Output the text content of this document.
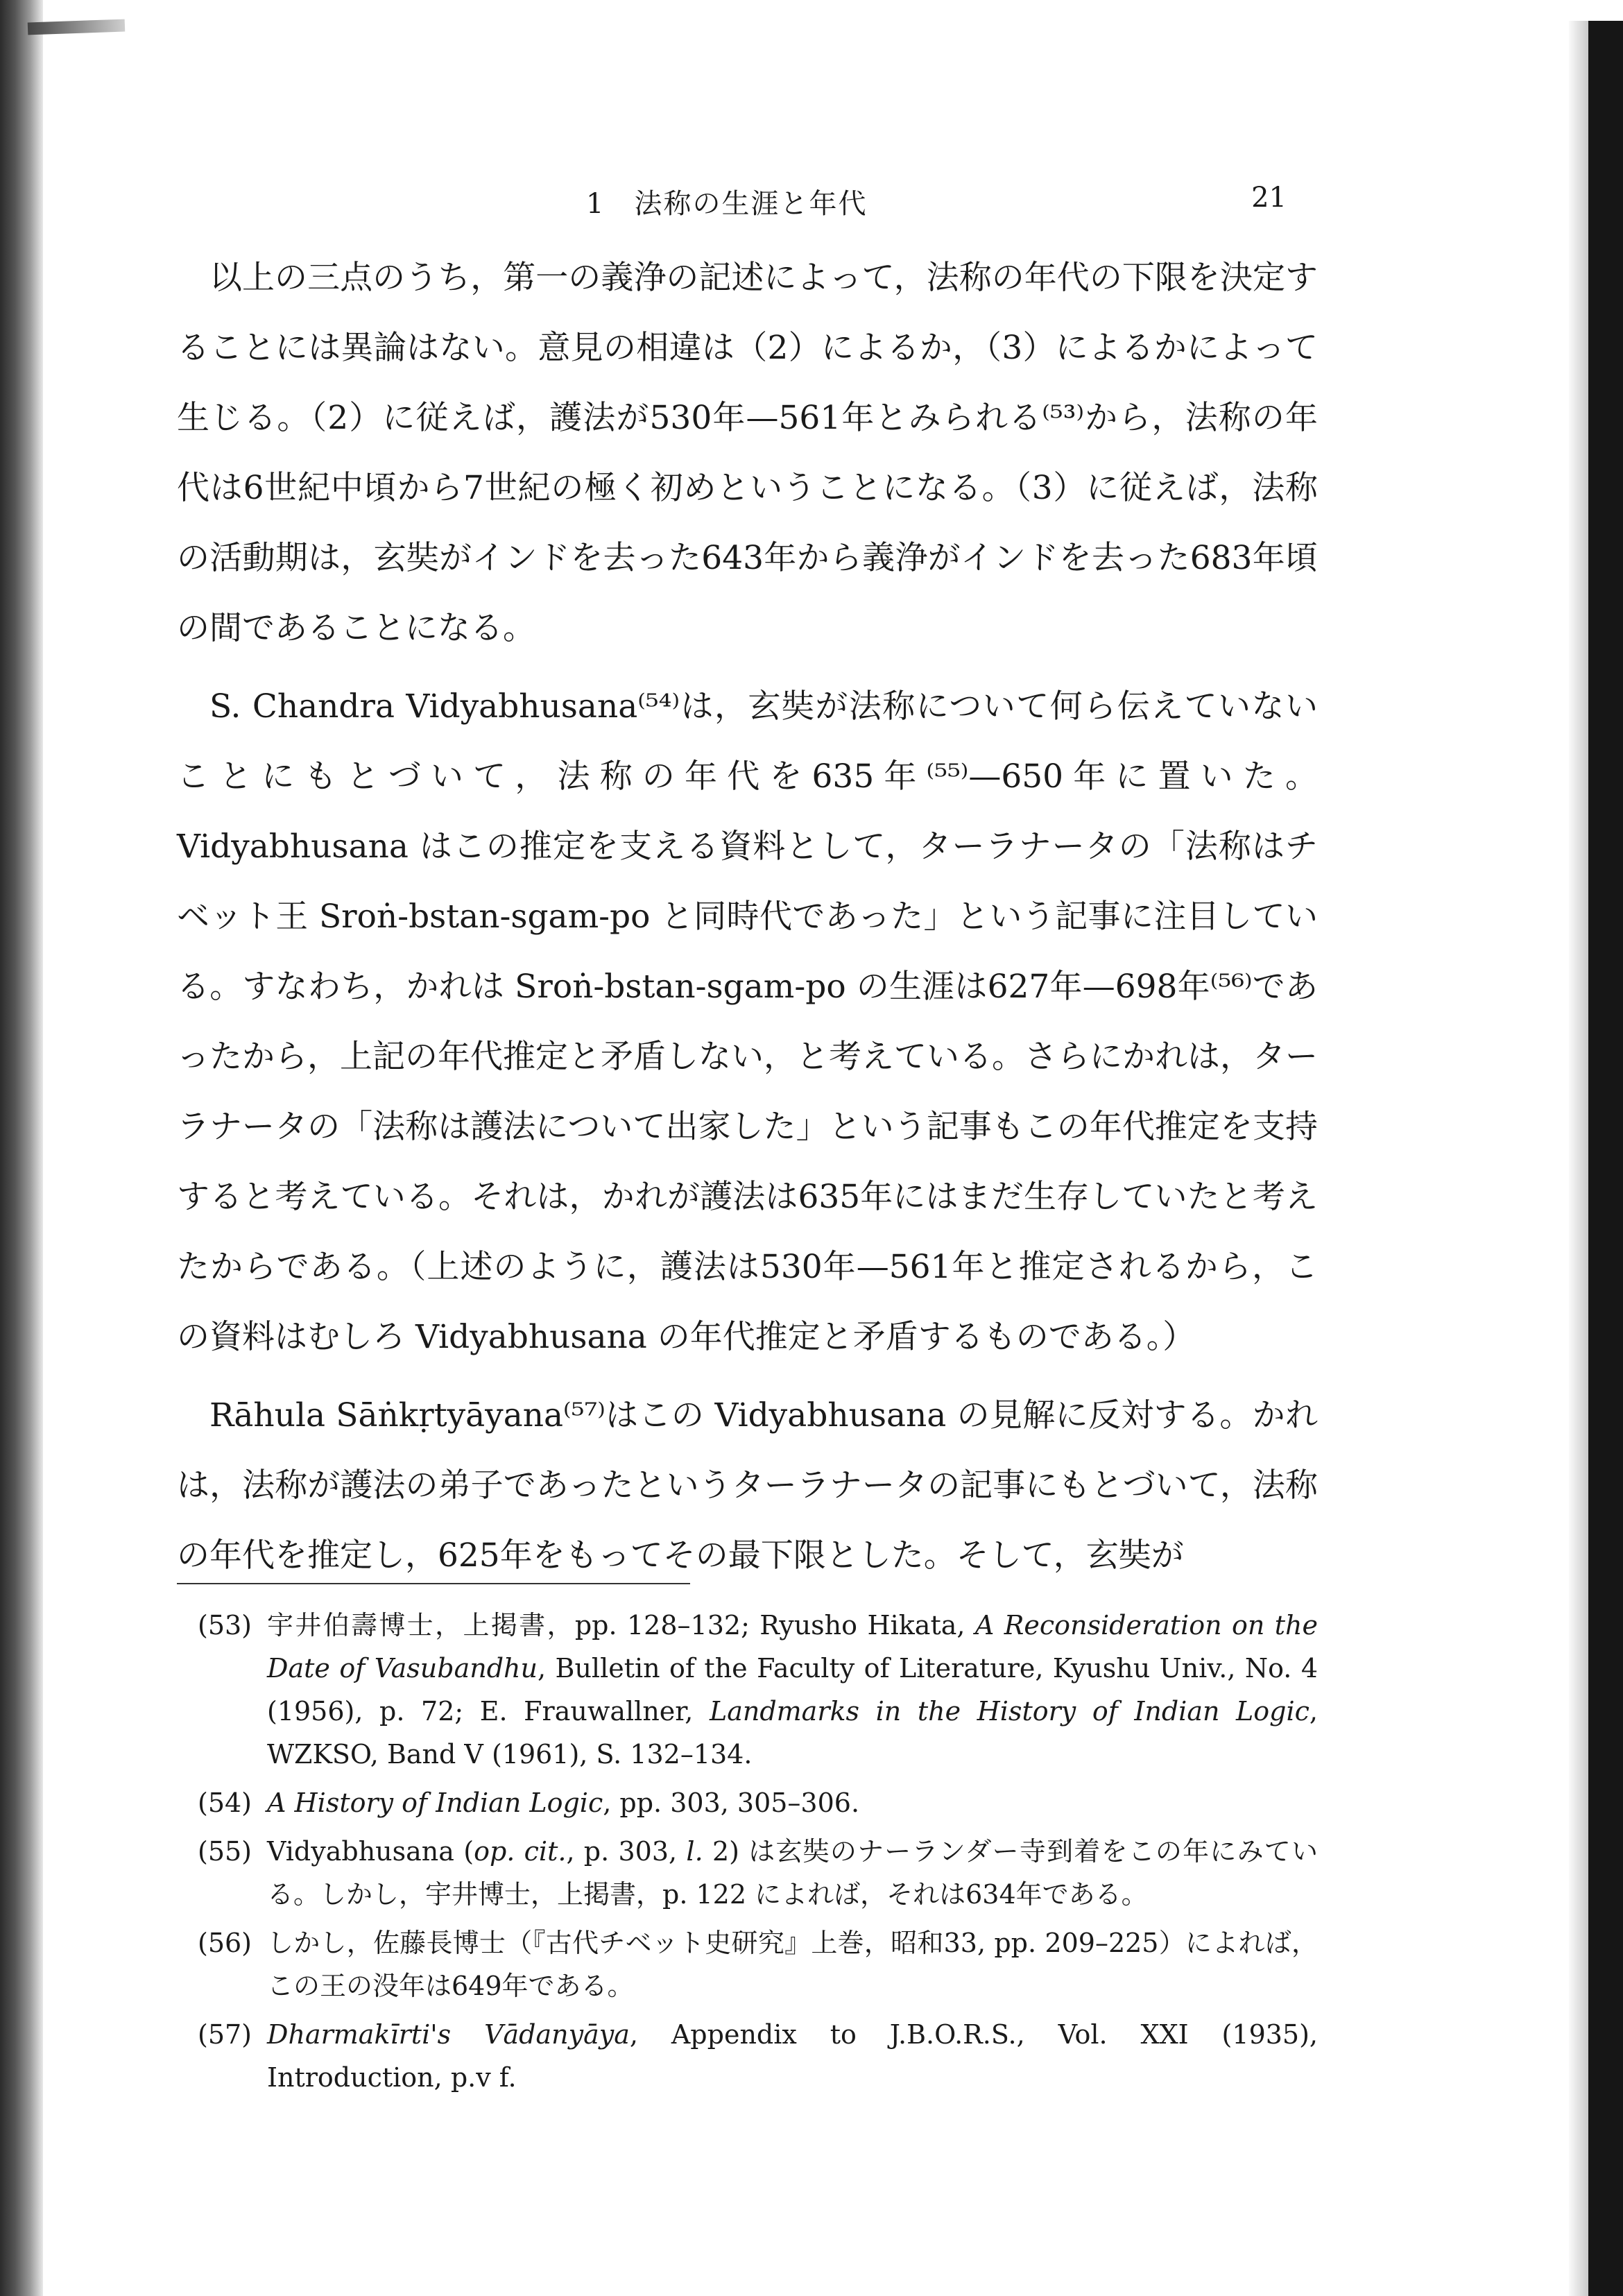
1　法称の生涯と年代	21

以上の三点のうち，第一の義浄の記述によって，法称の年代の下限を決定することには異論はない。意見の相違は（2）によるか，（3）によるかによって生じる。（2）に従えば，護法が530年—561年とみられる⁽⁵³⁾から，法称の年代は6世紀中頃から7世紀の極く初めということになる。（3）に従えば，法称の活動期は，玄奘がインドを去った643年から義浄がインドを去った683年頃の間であることになる。

S. Chandra Vidyabhusana⁽⁵⁴⁾は，玄奘が法称について何ら伝えていないことにもとづいて，法称の年代を635年⁽⁵⁵⁾—650年に置いた。Vidyabhusana はこの推定を支える資料として，ターラナータの「法称はチベット王 Sroṅ-bstan-sgam-po と同時代であった」という記事に注目している。すなわち，かれは Sroṅ-bstan-sgam-po の生涯は627年—698年⁽⁵⁶⁾であったから，上記の年代推定と矛盾しない，と考えている。さらにかれは，ターラナータの「法称は護法について出家した」という記事もこの年代推定を支持すると考えている。それは，かれが護法は635年にはまだ生存していたと考えたからである。（上述のように，護法は530年—561年と推定されるから，この資料はむしろ Vidyabhusana の年代推定と矛盾するものである。）

Rāhula Sāṅkṛtyāyana⁽⁵⁷⁾はこの Vidyabhusana の見解に反対する。かれは，法称が護法の弟子であったというターラナータの記事にもとづいて，法称の年代を推定し，625年をもってその最下限とした。そして，玄奘が

(53) 宇井伯壽博士，上掲書，pp. 128–132; Ryusho Hikata, A Reconsideration on the Date of Vasubandhu, Bulletin of the Faculty of Literature, Kyushu Univ., No. 4 (1956), p. 72; E. Frauwallner, Landmarks in the History of Indian Logic, WZKSO, Band V (1961), S. 132–134.
(54) A History of Indian Logic, pp. 303, 305–306.
(55) Vidyabhusana (op. cit., p. 303, l. 2) は玄奘のナーランダー寺到着をこの年にみている。しかし，宇井博士，上掲書，p. 122 によれば，それは634年である。
(56) しかし，佐藤長博士（『古代チベット史研究』上巻，昭和33, pp. 209–225）によれば，この王の没年は649年である。
(57) Dharmakīrti's Vādanyāya, Appendix to J.B.O.R.S., Vol. XXI (1935), Introduction, p.v f.
